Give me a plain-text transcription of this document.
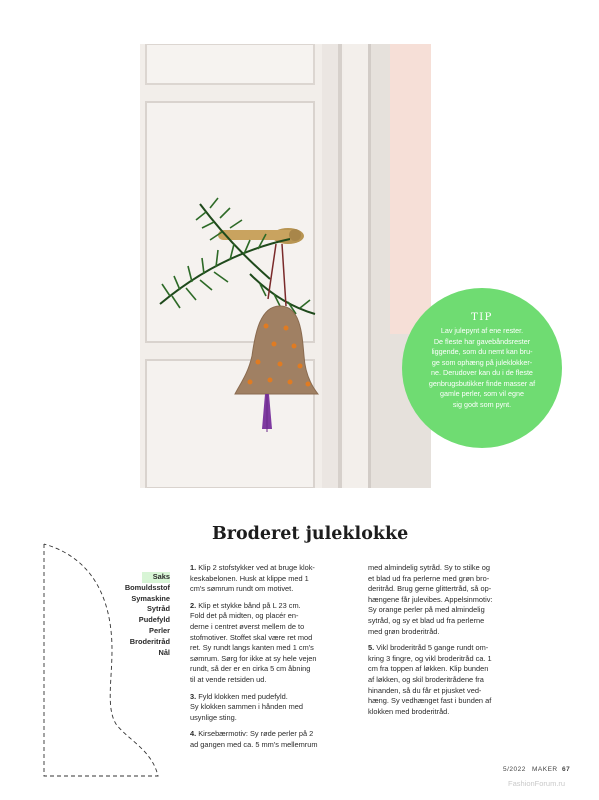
TIP
Lav julepynt af ene rester.
De fleste har gavebåndsrester
liggende, som du nemt kan bru-
ge som ophæng på juleklokker-
ne. Derudover kan du i de fleste
genbrugsbutikker finde masser af
gamle perler, som vil egne
sig godt som pynt.
Broderet juleklokke
Saks
Bomuldsstof
Symaskine
Sytråd
Pudefyld
Perler
Broderitråd
Nål

1. Klip 2 stofstykker ved at bruge klok-
keskabelonen. Husk at klippe med 1
cm's sømrum rundt om motivet.

2. Klip et stykke bånd på L 23 cm.
Fold det på midten, og placér en-
derne i centret øverst mellem de to
stofmotiver. Stoffet skal være ret mod
ret. Sy rundt langs kanten med 1 cm's
sømrum. Sørg for ikke at sy hele vejen
rundt, så der er en cirka 5 cm åbning
til at vende retsiden ud.

3. Fyld klokken med pudefyld.
Sy klokken sammen i hånden med
usynlige sting.

4. Kirsebærmotiv: Sy røde perler på 2
ad gangen med ca. 5 mm's mellemrum

med almindelig sytråd. Sy to stilke og
et blad ud fra perlerne med grøn bro-
deritråd. Brug gerne glittertråd, så op-
hængene får julevibes. Appelsinmotiv:
Sy orange perler på med almindelig
sytråd, og sy et blad ud fra perlerne
med grøn broderitråd.

5. Vikl broderitråd 5 gange rundt om-
kring 3 fingre, og vikl broderitråd ca. 1
cm fra toppen af løkken. Klip bunden
af løkken, og skil broderitrådene fra
hinanden, så du får et pjusket ved-
hæng. Sy vedhænget fast i bunden af
klokken med broderitråd.

5/2022 MAKER 67
FashionForum.ru
